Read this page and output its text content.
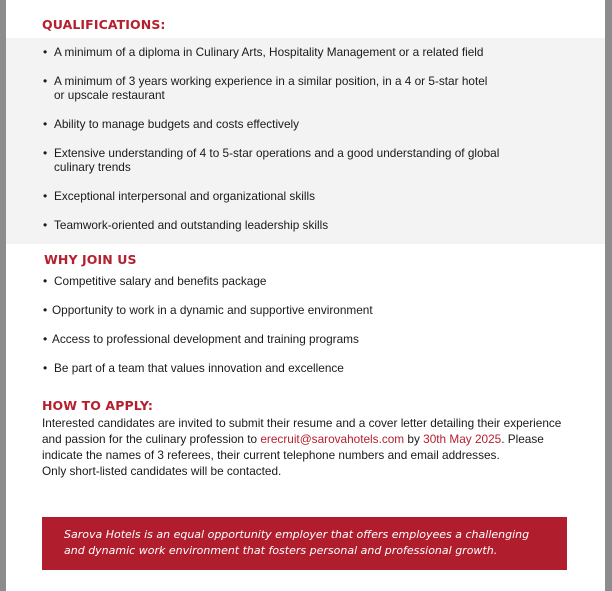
QUALIFICATIONS:
• A minimum of a diploma in Culinary Arts, Hospitality Management or a related field
• A minimum of 3 years working experience in a similar position, in a 4 or 5-star hotel
or upscale restaurant
• Ability to manage budgets and costs effectively
• Extensive understanding of 4 to 5-star operations and a good understanding of global
culinary trends
• Exceptional interpersonal and organizational skills
• Teamwork-oriented and outstanding leadership skills
WHY JOIN US
• Competitive salary and benefits package
• Opportunity to work in a dynamic and supportive environment
• Access to professional development and training programs
• Be part of a team that values innovation and excellence
HOW TO APPLY:
Interested candidates are invited to submit their resume and a cover letter detailing their experience and passion for the culinary profession to erecruit@sarovahotels.com by 30th May 2025. Please indicate the names of 3 referees, their current telephone numbers and email addresses.
Only short-listed candidates will be contacted.

Sarova Hotels is an equal opportunity employer that offers employees a challenging and dynamic work environment that fosters personal and professional growth.
